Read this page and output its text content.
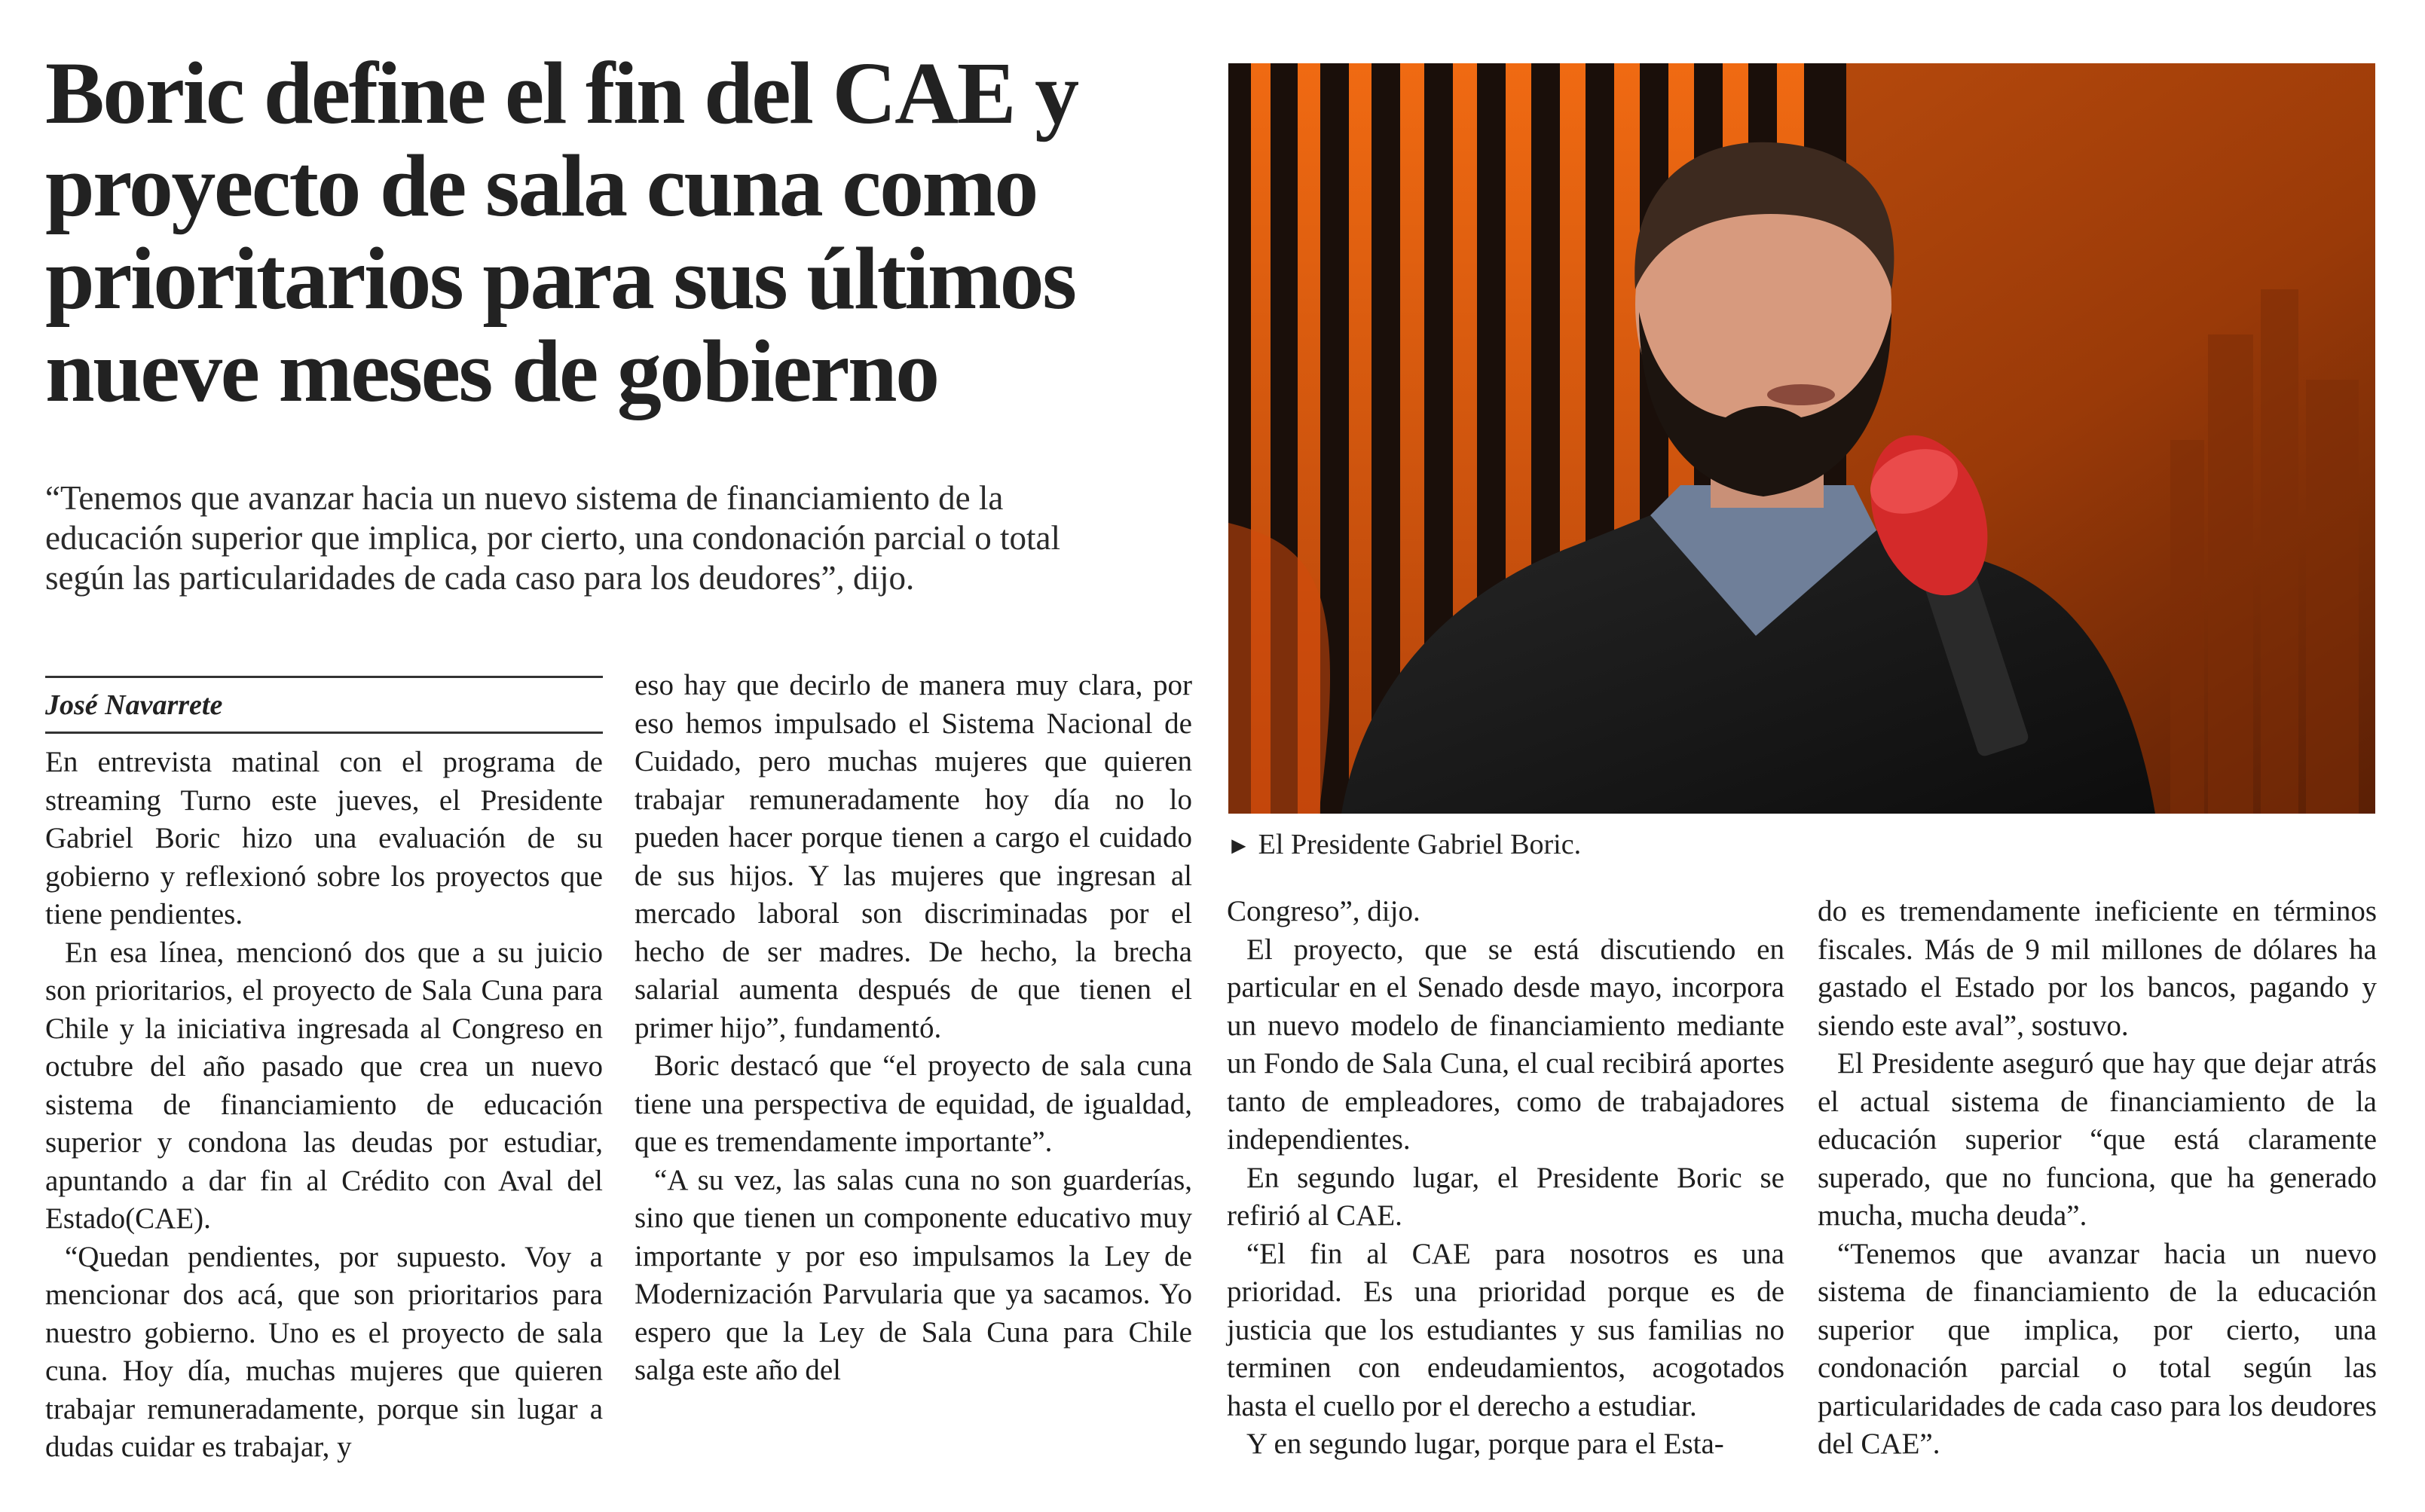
Boric define el fin del CAE y proyecto de sala cuna como prioritarios para sus últimos nueve meses de gobierno

“Tenemos que avanzar hacia un nuevo sistema de financiamiento de la educación superior que implica, por cierto, una condonación parcial o total según las particularidades de cada caso para los deudores”, dijo.

José Navarrete

En entrevista matinal con el programa de streaming Turno este jueves, el Presidente Gabriel Boric hizo una evaluación de su gobierno y reflexionó sobre los proyectos que tiene pendientes.

En esa línea, mencionó dos que a su juicio son prioritarios, el proyecto de Sala Cuna para Chile y la iniciativa ingresada al Congreso en octubre del año pasado que crea un nuevo sistema de financiamiento de educación superior y condona las deudas por estudiar, apuntando a dar fin al Crédito con Aval del Estado(CAE).

“Quedan pendientes, por supuesto. Voy a mencionar dos acá, que son prioritarios para nuestro gobierno. Uno es el proyecto de sala cuna. Hoy día, muchas mujeres que quieren trabajar remuneradamente, porque sin lugar a dudas cuidar es trabajar, y

eso hay que decirlo de manera muy clara, por eso hemos impulsado el Sistema Nacional de Cuidado, pero muchas mujeres que quieren trabajar remuneradamente hoy día no lo pueden hacer porque tienen a cargo el cuidado de sus hijos. Y las mujeres que ingresan al mercado laboral son discriminadas por el hecho de ser madres. De hecho, la brecha salarial aumenta después de que tienen el primer hijo”, fundamentó.

Boric destacó que “el proyecto de sala cuna tiene una perspectiva de equidad, de igualdad, que es tremendamente importante”.

“A su vez, las salas cuna no son guarderías, sino que tienen un componente educativo muy importante y por eso impulsamos la Ley de Modernización Parvularia que ya sacamos. Yo espero que la Ley de Sala Cuna para Chile salga este año del

► El Presidente Gabriel Boric.

Congreso”, dijo.

El proyecto, que se está discutiendo en particular en el Senado desde mayo, incorpora un nuevo modelo de financiamiento mediante un Fondo de Sala Cuna, el cual recibirá aportes tanto de empleadores, como de trabajadores independientes.

En segundo lugar, el Presidente Boric se refirió al CAE.

“El fin al CAE para nosotros es una prioridad. Es una prioridad porque es de justicia que los estudiantes y sus familias no terminen con endeudamientos, acogotados hasta el cuello por el derecho a estudiar.

Y en segundo lugar, porque para el Esta-

do es tremendamente ineficiente en términos fiscales. Más de 9 mil millones de dólares ha gastado el Estado por los bancos, pagando y siendo este aval”, sostuvo.

El Presidente aseguró que hay que dejar atrás el actual sistema de financiamiento de la educación superior “que está claramente superado, que no funciona, que ha generado mucha, mucha deuda”.

“Tenemos que avanzar hacia un nuevo sistema de financiamiento de la educación superior que implica, por cierto, una condonación parcial o total según las particularidades de cada caso para los deudores del CAE”.
